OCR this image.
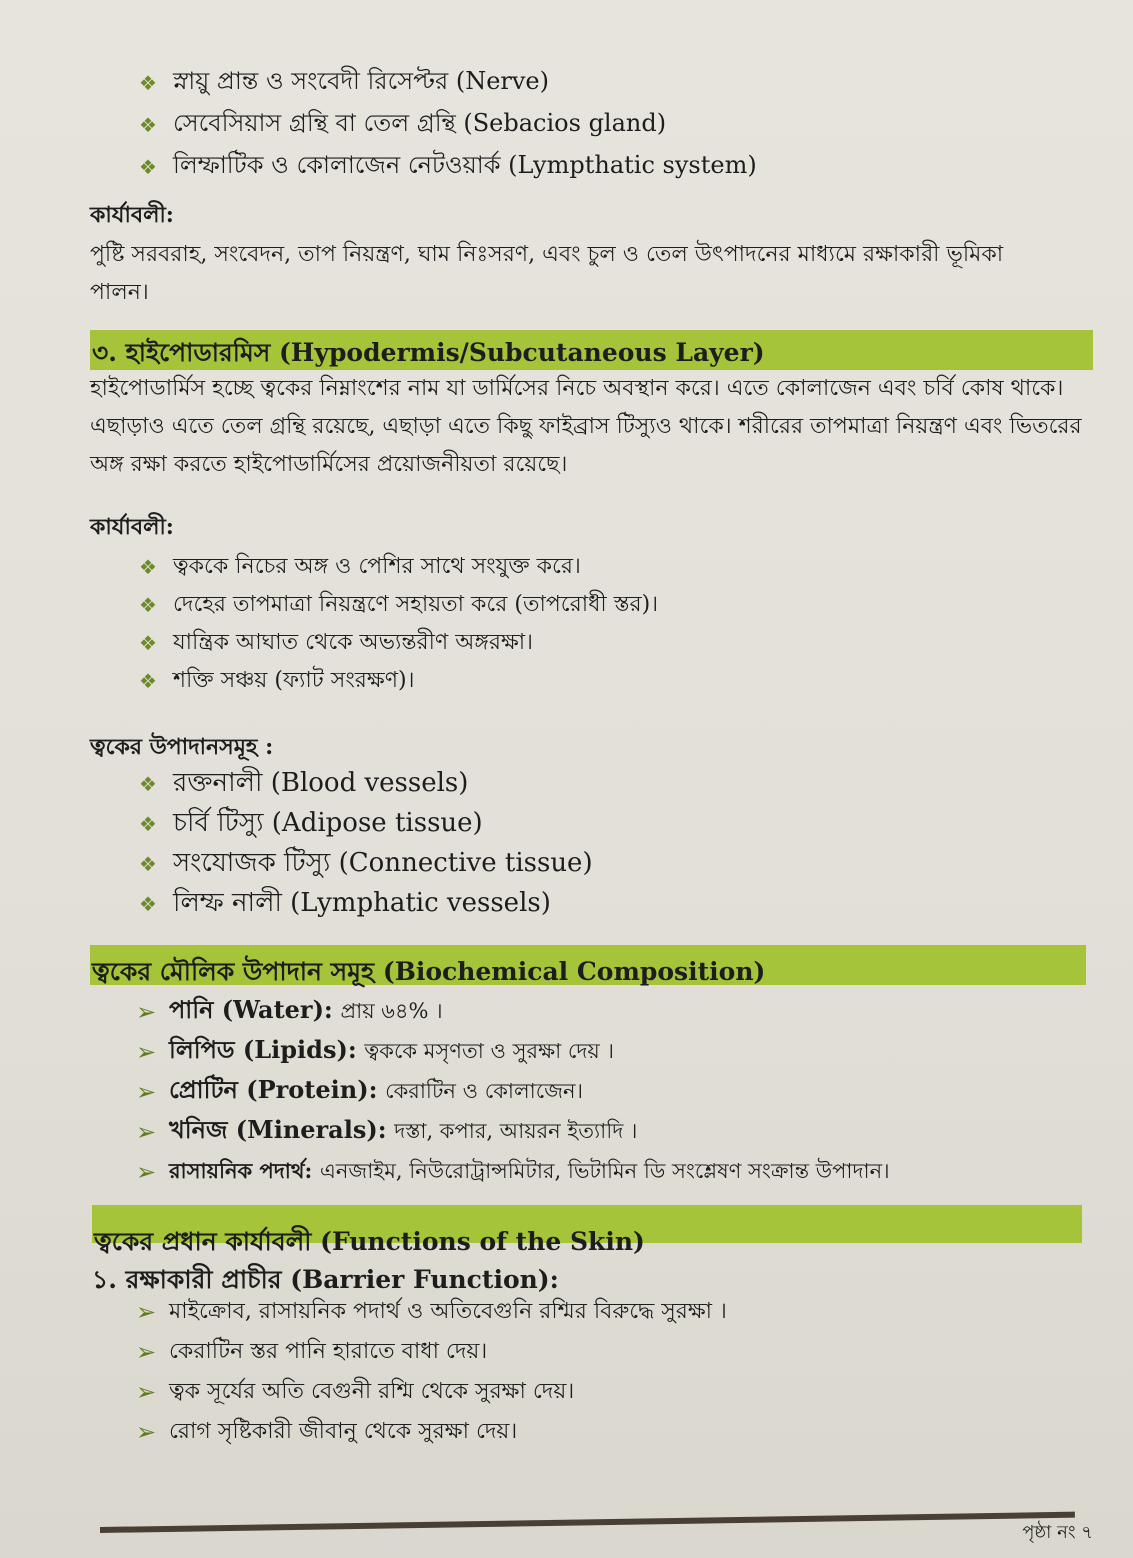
❖ স্নায়ু প্রান্ত ও সংবেদী রিসেপ্টর (Nerve)
❖ সেবেসিয়াস গ্রন্থি বা তেল গ্রন্থি (Sebacios gland)
❖ লিম্ফাটিক ও কোলাজেন নেটওয়ার্ক (Lympthatic system)
কার্যাবলী:
পুষ্টি সরবরাহ, সংবেদন, তাপ নিয়ন্ত্রণ, ঘাম নিঃসরণ, এবং চুল ও তেল উৎপাদনের মাধ্যমে রক্ষাকারী ভূমিকা পালন।
৩. হাইপোডারমিস (Hypodermis/Subcutaneous Layer)
হাইপোডার্মিস হচ্ছে ত্বকের নিম্নাংশের নাম যা ডার্মিসের নিচে অবস্থান করে। এতে কোলাজেন এবং চর্বি কোষ থাকে। এছাড়াও এতে তেল গ্রন্থি রয়েছে, এছাড়া এতে কিছু ফাইব্রাস টিস্যুও থাকে। শরীরের তাপমাত্রা নিয়ন্ত্রণ এবং ভিতরের অঙ্গ রক্ষা করতে হাইপোডার্মিসের প্রয়োজনীয়তা রয়েছে।
কার্যাবলী:
❖ ত্বককে নিচের অঙ্গ ও পেশির সাথে সংযুক্ত করে।
❖ দেহের তাপমাত্রা নিয়ন্ত্রণে সহায়তা করে (তাপরোধী স্তর)।
❖ যান্ত্রিক আঘাত থেকে অভ্যন্তরীণ অঙ্গরক্ষা।
❖ শক্তি সঞ্চয় (ফ্যাট সংরক্ষণ)।
ত্বকের উপাদানসমূহ :
❖ রক্তনালী (Blood vessels)
❖ চর্বি টিস্যু (Adipose tissue)
❖ সংযোজক টিস্যু (Connective tissue)
❖ লিম্ফ নালী (Lymphatic vessels)
ত্বকের মৌলিক উপাদান সমূহ (Biochemical Composition)
➢ পানি (Water):
প্রায় ৬৪% ।
➢ লিপিড (Lipids):
ত্বককে মসৃণতা ও সুরক্ষা দেয় ।
➢ প্রোটিন (Protein):
কেরাটিন ও কোলাজেন।
➢ খনিজ (Minerals):
দস্তা, কপার, আয়রন ইত্যাদি ।
➢ রাসায়নিক পদার্থ:
এনজাইম, নিউরোট্রান্সমিটার, ভিটামিন ডি সংশ্লেষণ সংক্রান্ত উপাদান।
ত্বকের প্রধান কার্যাবলী (Functions of the Skin)
১. রক্ষাকারী প্রাচীর (Barrier Function):
➢ মাইক্রোব, রাসায়নিক পদার্থ ও অতিবেগুনি রশ্মির বিরুদ্ধে সুরক্ষা ।
➢ কেরাটিন স্তর পানি হারাতে বাধা দেয়।
➢ ত্বক সূর্যের অতি বেগুনী রশ্মি থেকে সুরক্ষা দেয়।
➢ রোগ সৃষ্টিকারী জীবানু থেকে সুরক্ষা দেয়।
পৃষ্ঠা নং ৭
